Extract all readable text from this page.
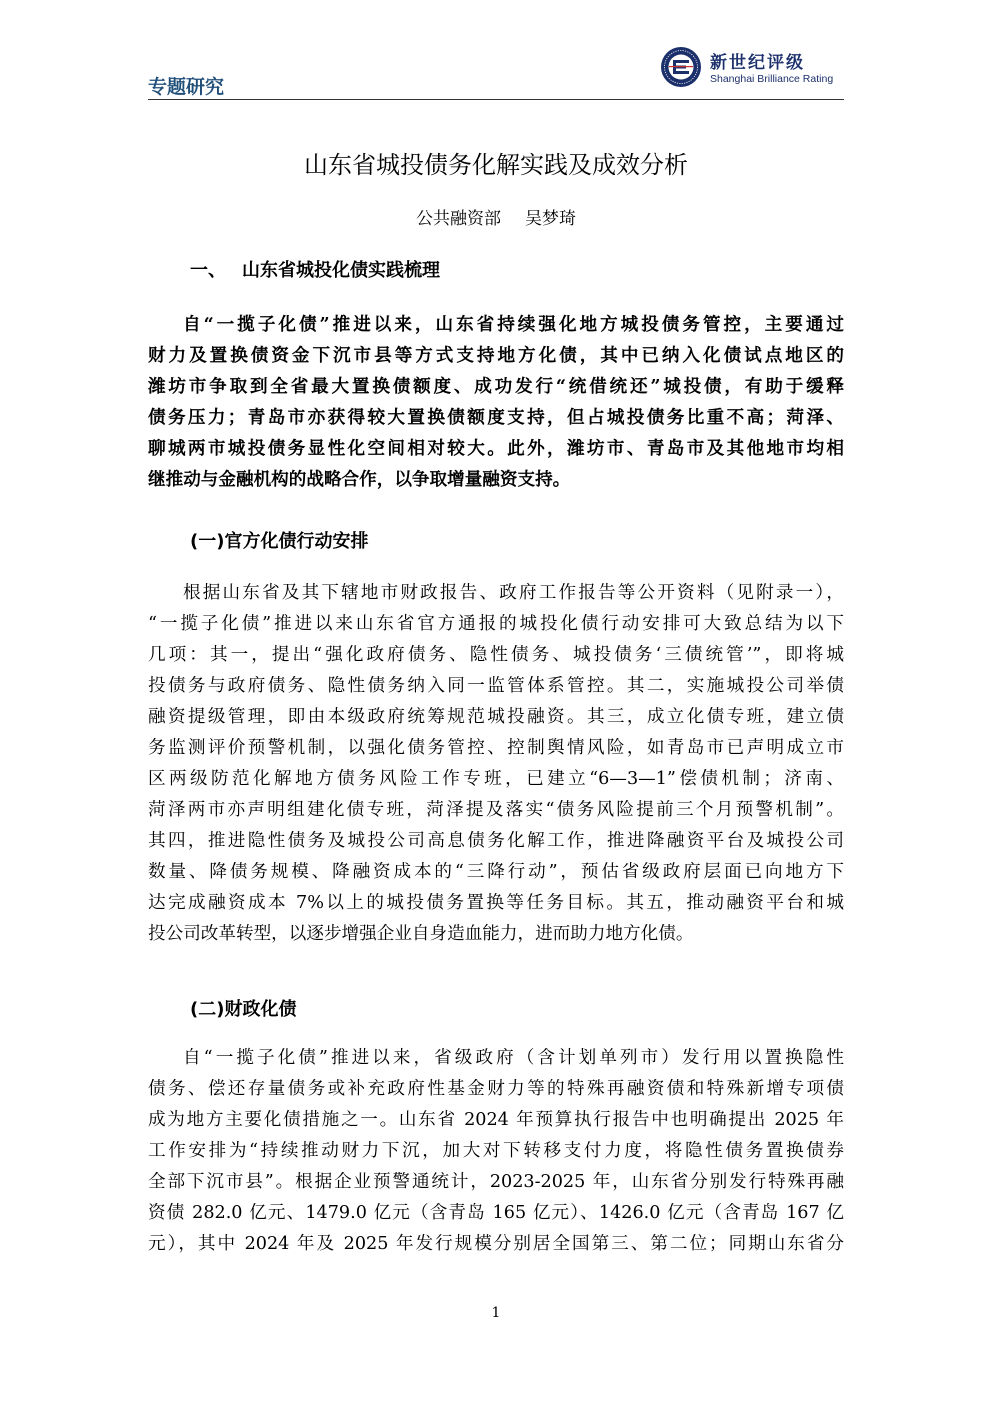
专题研究
新世纪评级
Shanghai Brilliance Rating
山东省城投债务化解实践及成效分析
公共融资部 吴梦琦
一、 山东省城投化债实践梳理
自“一揽子化债”推进以来，山东省持续强化地方城投债务管控，主要通过
财力及置换债资金下沉市县等方式支持地方化债，其中已纳入化债试点地区的
潍坊市争取到全省最大置换债额度、成功发行“统借统还”城投债，有助于缓释
债务压力；青岛市亦获得较大置换债额度支持，但占城投债务比重不高；菏泽、
聊城两市城投债务显性化空间相对较大。此外，潍坊市、青岛市及其他地市均相
继推动与金融机构的战略合作，以争取增量融资支持。
(一)官方化债行动安排
根据山东省及其下辖地市财政报告、政府工作报告等公开资料（见附录一），
“一揽子化债”推进以来山东省官方通报的城投化债行动安排可大致总结为以下
几项：其一，提出“强化政府债务、隐性债务、城投债务‘三债统管’”，即将城
投债务与政府债务、隐性债务纳入同一监管体系管控。其二，实施城投公司举债
融资提级管理，即由本级政府统筹规范城投融资。其三，成立化债专班，建立债
务监测评价预警机制，以强化债务管控、控制舆情风险，如青岛市已声明成立市
区两级防范化解地方债务风险工作专班，已建立“6—3—1”偿债机制；济南、
菏泽两市亦声明组建化债专班，菏泽提及落实“债务风险提前三个月预警机制”。
其四，推进隐性债务及城投公司高息债务化解工作，推进降融资平台及城投公司
数量、降债务规模、降融资成本的“三降行动”，预估省级政府层面已向地方下
达完成融资成本 7%以上的城投债务置换等任务目标。其五，推动融资平台和城
投公司改革转型，以逐步增强企业自身造血能力，进而助力地方化债。
(二)财政化债
自“一揽子化债”推进以来，省级政府（含计划单列市）发行用以置换隐性
债务、偿还存量债务或补充政府性基金财力等的特殊再融资债和特殊新增专项债
成为地方主要化债措施之一。山东省 2024 年预算执行报告中也明确提出 2025 年
工作安排为“持续推动财力下沉，加大对下转移支付力度，将隐性债务置换债券
全部下沉市县”。根据企业预警通统计，2023-2025 年，山东省分别发行特殊再融
资债 282.0 亿元、1479.0 亿元（含青岛 165 亿元）、1426.0 亿元（含青岛 167 亿
元），其中 2024 年及 2025 年发行规模分别居全国第三、第二位；同期山东省分
1
